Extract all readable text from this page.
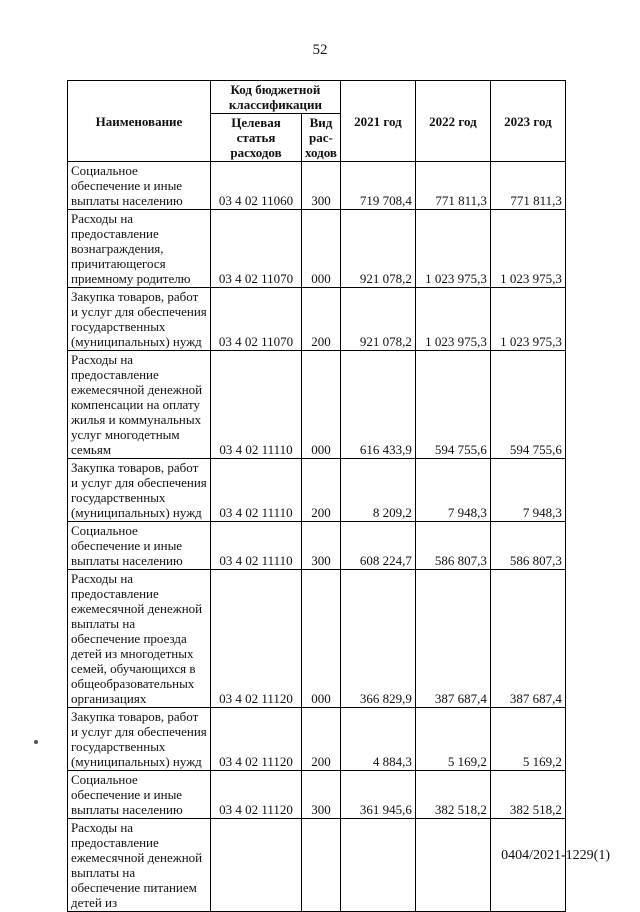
52
Наименование	Код бюджетной классификации		2021 год	2022 год	2023 год
	Целевая статья расходов	Вид рас-ходов			
Социальное обеспечение и иные выплаты населению	03 4 02 11060	300	719 708,4	771 811,3	771 811,3
Расходы на предоставление вознаграждения, причитающегося приемному родителю	03 4 02 11070	000	921 078,2	1 023 975,3	1 023 975,3
Закупка товаров, работ и услуг для обеспечения государственных (муниципальных) нужд	03 4 02 11070	200	921 078,2	1 023 975,3	1 023 975,3
Расходы на предоставление ежемесячной денежной компенсации на оплату жилья и коммунальных услуг многодетным семьям	03 4 02 11110	000	616 433,9	594 755,6	594 755,6
Закупка товаров, работ и услуг для обеспечения государственных (муниципальных) нужд	03 4 02 11110	200	8 209,2	7 948,3	7 948,3
Социальное обеспечение и иные выплаты населению	03 4 02 11110	300	608 224,7	586 807,3	586 807,3
Расходы на предоставление ежемесячной денежной выплаты на обеспечение проезда детей из многодетных семей, обучающихся в общеобразовательных организациях	03 4 02 11120	000	366 829,9	387 687,4	387 687,4
Закупка товаров, работ и услуг для обеспечения государственных (муниципальных) нужд	03 4 02 11120	200	4 884,3	5 169,2	5 169,2
Социальное обеспечение и иные выплаты населению	03 4 02 11120	300	361 945,6	382 518,2	382 518,2
Расходы на предоставление ежемесячной денежной выплаты на обеспечение питанием детей из					
0404/2021-1229(1)
